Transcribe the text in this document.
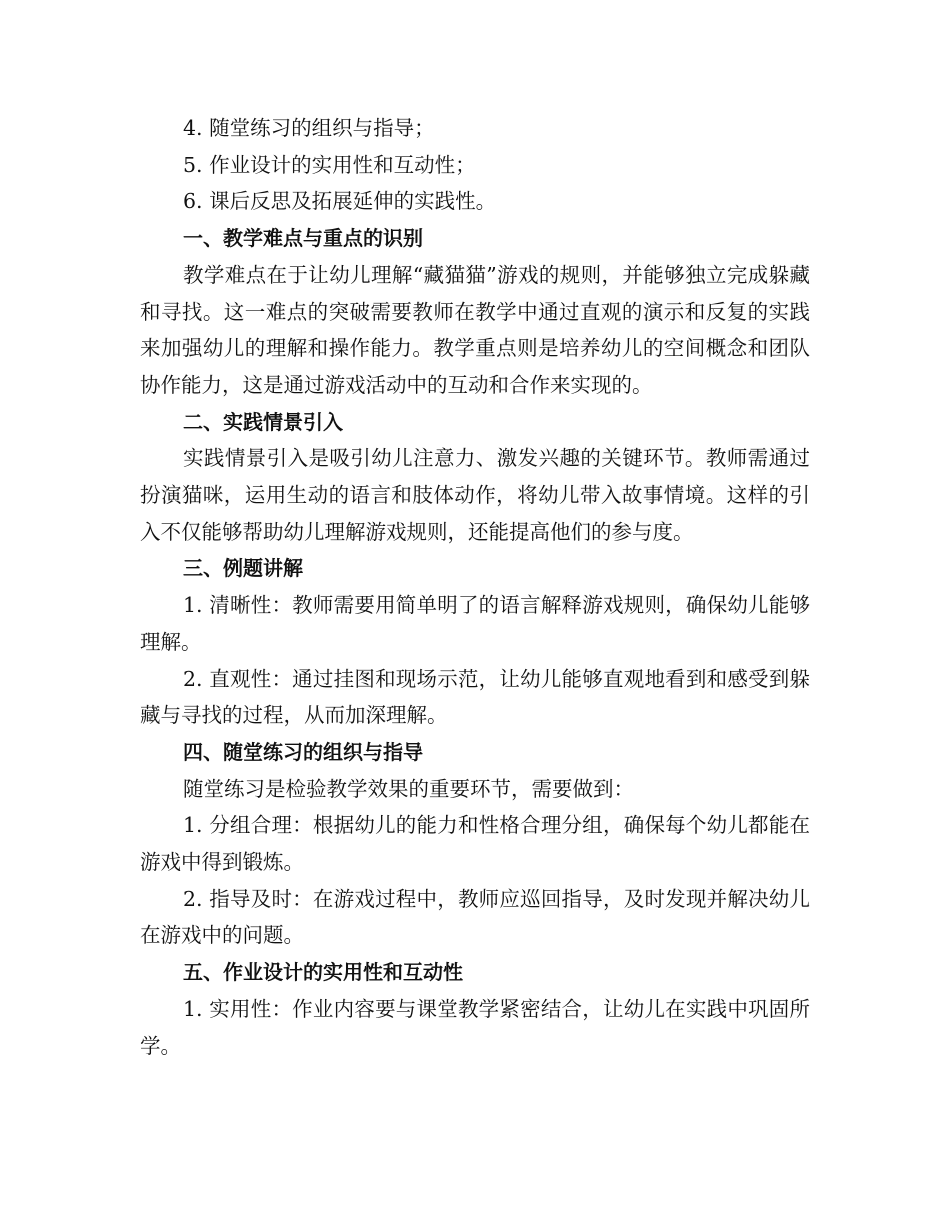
4. 随堂练习的组织与指导；

5. 作业设计的实用性和互动性；

6. 课后反思及拓展延伸的实践性。

一、教学难点与重点的识别

教学难点在于让幼儿理解“藏猫猫”游戏的规则，并能够独立完成躲藏和寻找。这一难点的突破需要教师在教学中通过直观的演示和反复的实践来加强幼儿的理解和操作能力。教学重点则是培养幼儿的空间概念和团队协作能力，这是通过游戏活动中的互动和合作来实现的。

二、实践情景引入

实践情景引入是吸引幼儿注意力、激发兴趣的关键环节。教师需通过扮演猫咪，运用生动的语言和肢体动作，将幼儿带入故事情境。这样的引入不仅能够帮助幼儿理解游戏规则，还能提高他们的参与度。

三、例题讲解

1. 清晰性：教师需要用简单明了的语言解释游戏规则，确保幼儿能够理解。

2. 直观性：通过挂图和现场示范，让幼儿能够直观地看到和感受到躲藏与寻找的过程，从而加深理解。

四、随堂练习的组织与指导

随堂练习是检验教学效果的重要环节，需要做到：

1. 分组合理：根据幼儿的能力和性格合理分组，确保每个幼儿都能在游戏中得到锻炼。

2. 指导及时：在游戏过程中，教师应巡回指导，及时发现并解决幼儿在游戏中的问题。

五、作业设计的实用性和互动性

1. 实用性：作业内容要与课堂教学紧密结合，让幼儿在实践中巩固所学。
